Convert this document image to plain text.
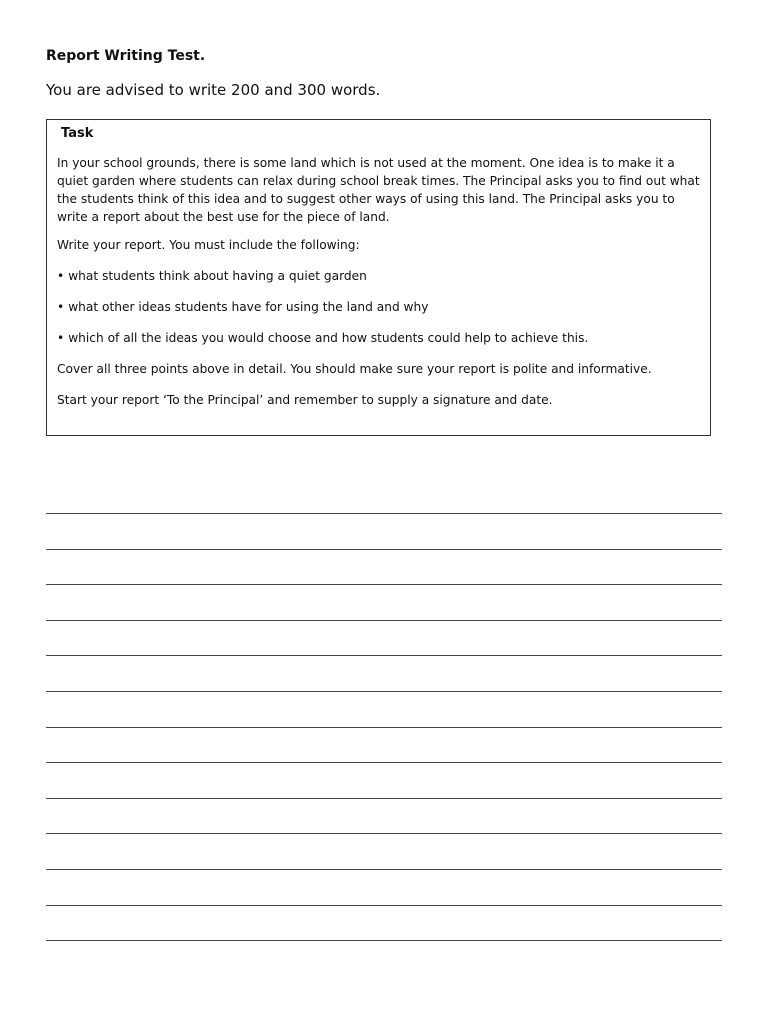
Report Writing Test.
You are advised to write 200 and 300 words.
Task

In your school grounds, there is some land which is not used at the moment. One idea is to make it a quiet garden where students can relax during school break times. The Principal asks you to find out what the students think of this idea and to suggest other ways of using this land. The Principal asks you to write a report about the best use for the piece of land.

Write your report. You must include the following:

• what students think about having a quiet garden

• what other ideas students have for using the land and why

• which of all the ideas you would choose and how students could help to achieve this.

Cover all three points above in detail. You should make sure your report is polite and informative.

Start your report ‘To the Principal’ and remember to supply a signature and date.
